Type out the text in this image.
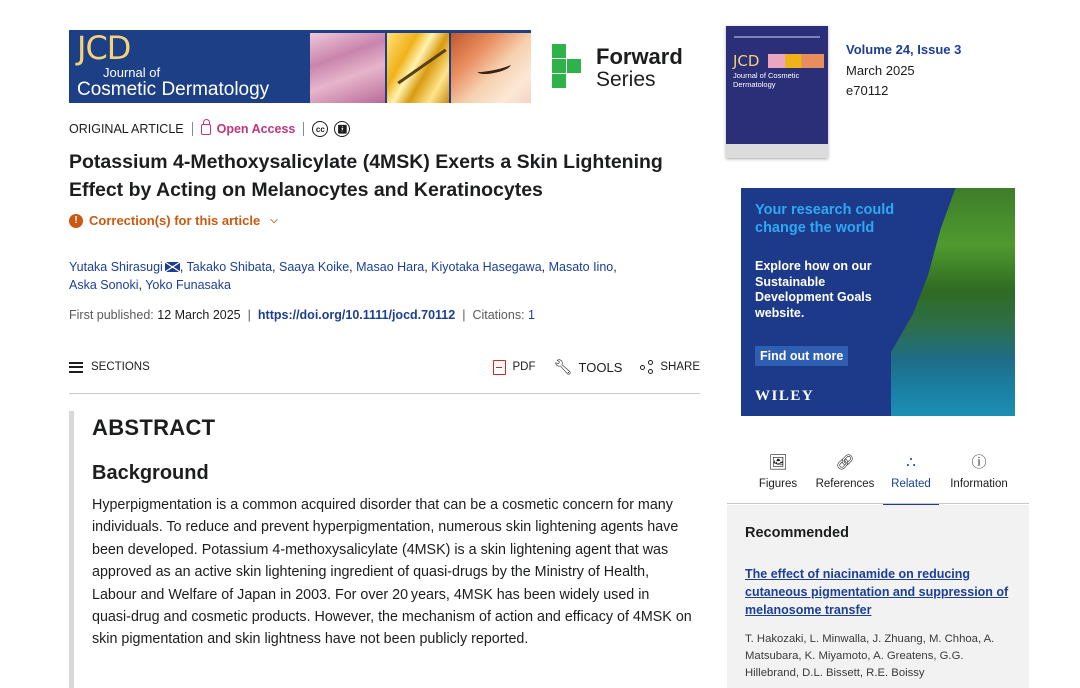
JCD
Journal of
Cosmetic Dermatology
Forward
Series
ORIGINAL ARTICLE	Open Access	cc	🚹︎
Potassium 4-Methoxysalicylate (4MSK) Exerts a Skin Lightening Effect by Acting on Melanocytes and Keratinocytes
! Correction(s) for this article ⌵
Yutaka Shirasugi , Takako Shibata, Saaya Koike, Masao Hara, Kiyotaka Hasegawa, Masato Iino,
Aska Sonoki, Yoko Funasaka
First published:
12 March 2025 | https://doi.org/10.1111/jocd.70112 | Citations:
1
SECTIONS	PDF 🔧︎ TOOLS	SHARE
ABSTRACT
Background

Hyperpigmentation is a common acquired disorder that can be a cosmetic concern for many individuals. To reduce and prevent hyperpigmentation, numerous skin lightening agents have been developed. Potassium 4-methoxysalicylate (4MSK) is a skin lightening agent that was approved as an active skin lightening ingredient of quasi-drugs by the Ministry of Health, Labour and Welfare of Japan in 2003. For over 20 years, 4MSK has been widely used in quasi-drug and cosmetic products. However, the mechanism of action and efficacy of 4MSK on skin pigmentation and skin lightness have not been publicly reported.

JCD
Journal of Cosmetic Dermatology
Volume 24, Issue 3
March 2025
e70112
Your research could change the world
Explore how on our Sustainable Development Goals website.
Find out more
WILEY
🖼︎
Figures
🔗︎
References
∴
Related
ⓘ
Information
Recommended
The effect of niacinamide on reducing cutaneous pigmentation and suppression of melanosome transfer
T. Hakozaki, L. Minwalla, J. Zhuang, M. Chhoa, A. Matsubara, K. Miyamoto, A. Greatens, G.G. Hillebrand, D.L. Bissett, R.E. Boissy
